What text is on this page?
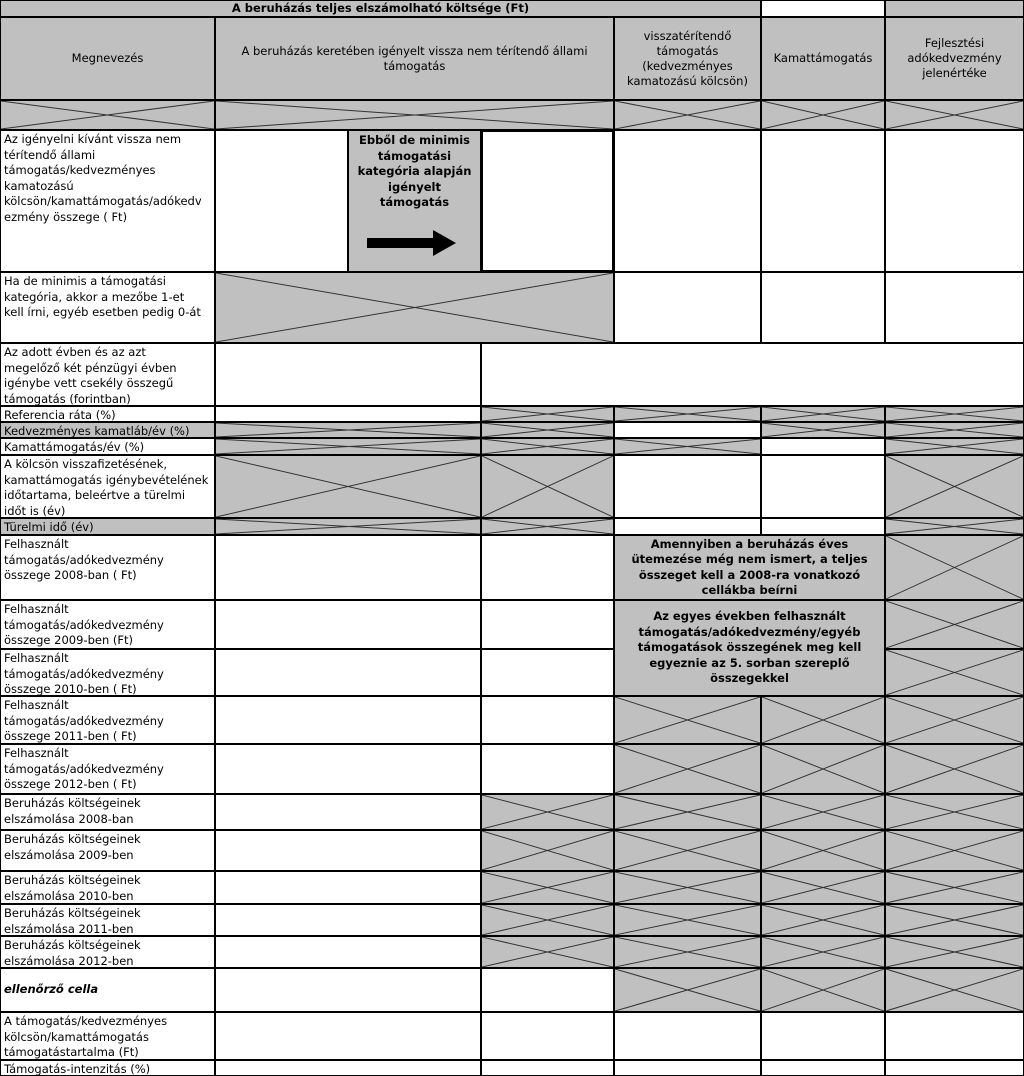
A beruházás teljes elszámolható költsége (Ft)
Megnevezés
A beruházás keretében igényelt vissza nem térítendő állami támogatás
visszatérítendő
támogatás
(kedvezményes
kamatozású kölcsön)
Kamattámogatás
Fejlesztési
adókedvezmény
jelenértéke
Az igényelni kívánt vissza nem
térítendő állami
támogatás/kedvezményes
kamatozású
kölcsön/kamattámogatás/adókedv
ezmény összege ( Ft)
Ebből de minimis
támogatási
kategória alapján
igényelt
támogatás
Ha de minimis a támogatási
kategória, akkor a mezőbe 1-et
kell írni, egyéb esetben pedig 0-át
Az adott évben és az azt
megelőző két pénzügyi évben
igénybe vett csekély összegű
támogatás (forintban)
Referencia ráta (%)
Kedvezményes kamatláb/év (%)
Kamattámogatás/év (%)
A kölcsön visszafizetésének,
kamattámogatás igénybevételének
időtartama, beleértve a türelmi
időt is (év)
Türelmi idő (év)
Felhasznált
támogatás/adókedvezmény
összege 2008-ban ( Ft)
Amennyiben a beruházás éves
ütemezése még nem ismert, a teljes
összeget kell a 2008-ra vonatkozó
cellákba beírni
Felhasznált
támogatás/adókedvezmény
összege 2009-ben (Ft)
Az egyes években felhasznált
támogatás/adókedvezmény/egyéb
támogatások összegének meg kell
egyeznie az 5. sorban szereplő
összegekkel
Felhasznált
támogatás/adókedvezmény
összege 2010-ben ( Ft)
Felhasznált
támogatás/adókedvezmény
összege 2011-ben ( Ft)
Felhasznált
támogatás/adókedvezmény
összege 2012-ben ( Ft)
Beruházás költségeinek
elszámolása 2008-ban
Beruházás költségeinek
elszámolása 2009-ben
Beruházás költségeinek
elszámolása 2010-ben
Beruházás költségeinek
elszámolása 2011-ben
Beruházás költségeinek
elszámolása 2012-ben
ellenőrző cella
A támogatás/kedvezményes
kölcsön/kamattámogatás
támogatástartalma (Ft)
Támogatás-intenzitás (%)
